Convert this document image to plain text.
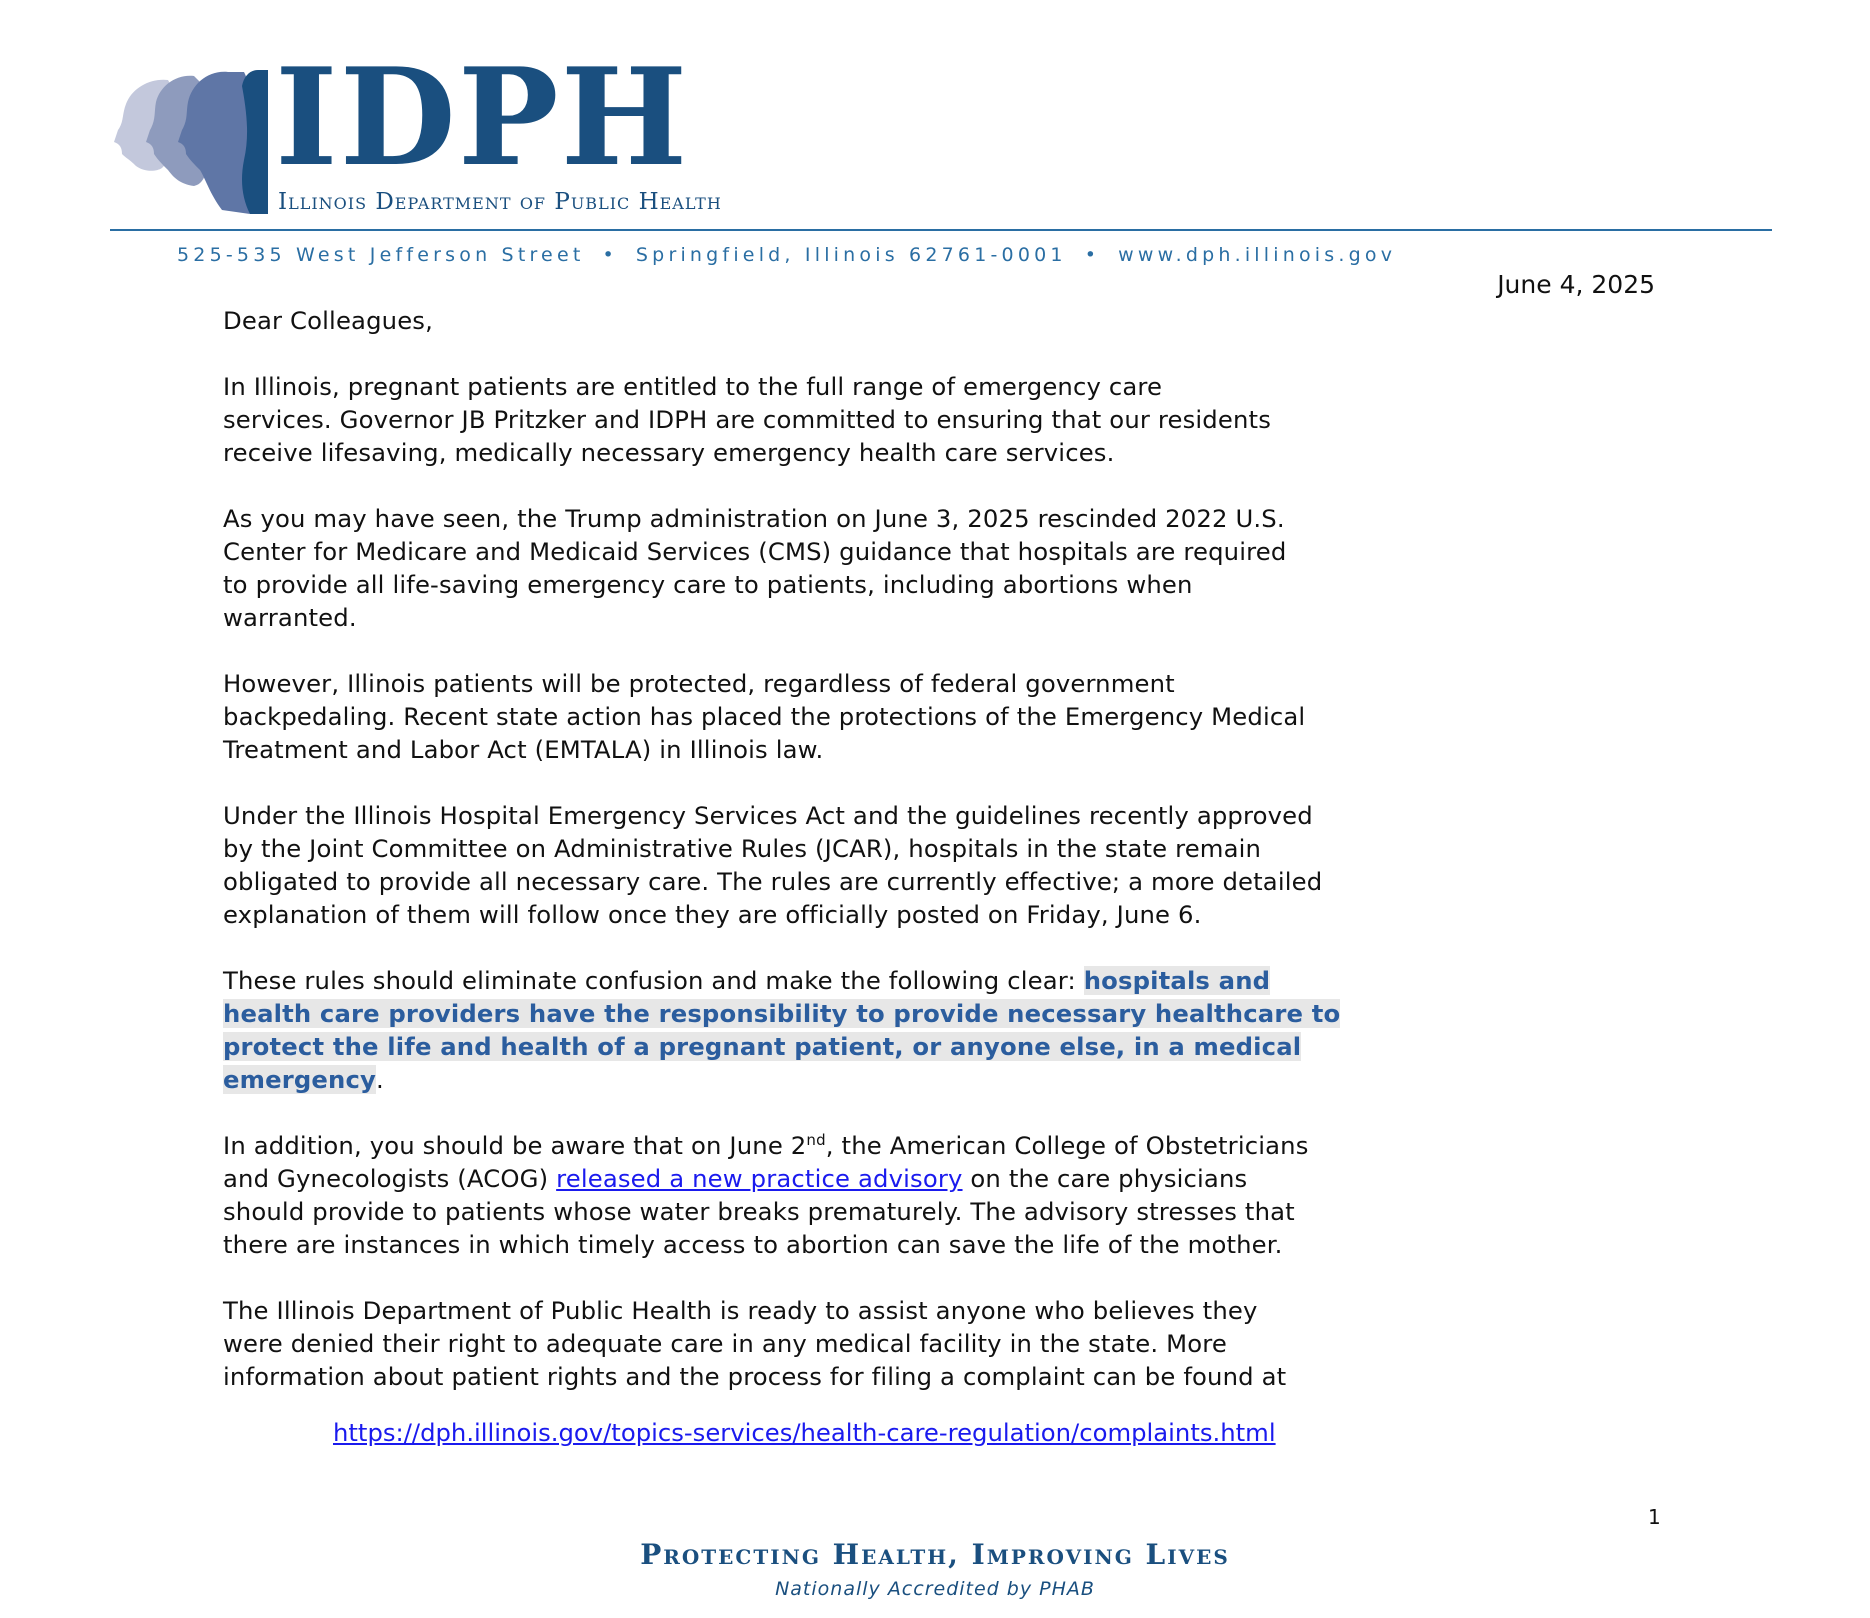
IDPH
Illinois Department of Public Health
525-535 West Jefferson Street • Springfield, Illinois 62761-0001 • www.dph.illinois.gov
June 4, 2025
Dear Colleagues,

In Illinois, pregnant patients are entitled to the full range of emergency care
services. Governor JB Pritzker and IDPH are committed to ensuring that our residents
receive lifesaving, medically necessary emergency health care services.

As you may have seen, the Trump administration on June 3, 2025 rescinded 2022 U.S.
Center for Medicare and Medicaid Services (CMS) guidance that hospitals are required
to provide all life-saving emergency care to patients, including abortions when
warranted.

However, Illinois patients will be protected, regardless of federal government
backpedaling. Recent state action has placed the protections of the Emergency Medical
Treatment and Labor Act (EMTALA) in Illinois law.

Under the Illinois Hospital Emergency Services Act and the guidelines recently approved
by the Joint Committee on Administrative Rules (JCAR), hospitals in the state remain
obligated to provide all necessary care. The rules are currently effective; a more detailed
explanation of them will follow once they are officially posted on Friday, June 6.

These rules should eliminate confusion and make the following clear: hospitals and
health care providers have the responsibility to provide necessary healthcare to
protect the life and health of a pregnant patient, or anyone else, in a medical
emergency.

In addition, you should be aware that on June 2nd, the American College of Obstetricians
and Gynecologists (ACOG) released a new practice advisory on the care physicians
should provide to patients whose water breaks prematurely. The advisory stresses that
there are instances in which timely access to abortion can save the life of the mother.

The Illinois Department of Public Health is ready to assist anyone who believes they
were denied their right to adequate care in any medical facility in the state. More
information about patient rights and the process for filing a complaint can be found at

https://dph.illinois.gov/topics-services/health-care-regulation/complaints.html
1
Protecting Health, Improving Lives
Nationally Accredited by PHAB
